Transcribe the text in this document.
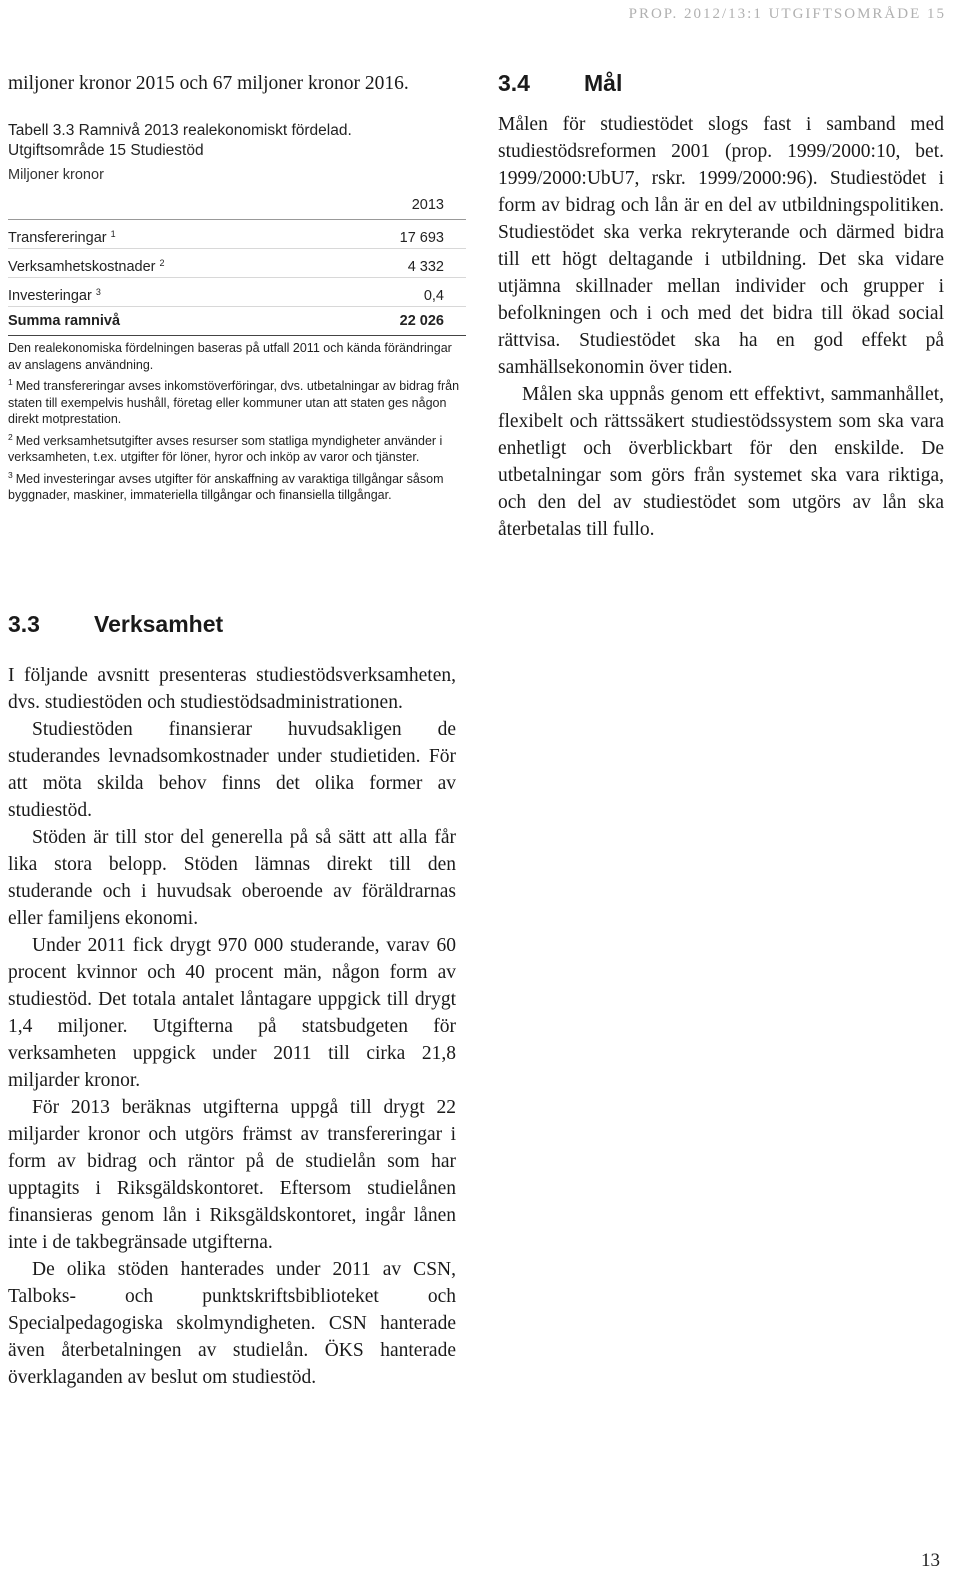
PROP. 2012/13:1 UTGIFTSOMRÅDE 15

miljoner kronor 2015 och 67 miljoner kronor 2016.

Tabell 3.3 Ramnivå 2013 realekonomiskt fördelad.
Utgiftsområde 15 Studiestöd
Miljoner kronor
2013
Transfereringar $^1$	17 693
Verksamhetskostnader $^2$	4 332
Investeringar $^3$	0,4
Summa ramnivå	22 026

Den realekonomiska fördelningen baseras på utfall 2011 och kända förändringar av anslagens användning.

$^1$ Med transfereringar avses inkomstöverföringar, dvs. utbetalningar av bidrag från staten till exempelvis hushåll, företag eller kommuner utan att staten ges någon direkt motprestation.

$^2$ Med verksamhetsutgifter avses resurser som statliga myndigheter använder i verksamheten, t.ex. utgifter för löner, hyror och inköp av varor och tjänster.

$^3$ Med investeringar avses utgifter för anskaffning av varaktiga tillgångar såsom byggnader, maskiner, immateriella tillgångar och finansiella tillgångar.

3.3	Verksamhet

I följande avsnitt presenteras studiestödsverksamheten, dvs. studiestöden och studiestödsadministrationen.

Studiestöden finansierar huvudsakligen de studerandes levnadsomkostnader under studietiden. För att möta skilda behov finns det olika former av studiestöd.

Stöden är till stor del generella på så sätt att alla får lika stora belopp. Stöden lämnas direkt till den studerande och i huvudsak oberoende av föräldrarnas eller familjens ekonomi.

Under 2011 fick drygt 970 000 studerande, varav 60 procent kvinnor och 40 procent män, någon form av studiestöd. Det totala antalet låntagare uppgick till drygt 1,4 miljoner. Utgifterna på statsbudgeten för verksamheten uppgick under 2011 till cirka 21,8 miljarder kronor.

För 2013 beräknas utgifterna uppgå till drygt 22 miljarder kronor och utgörs främst av transfereringar i form av bidrag och räntor på de studielån som har upptagits i Riksgäldskontoret. Eftersom studielånen finansieras genom lån i Riksgäldskontoret, ingår lånen inte i de takbegränsade utgifterna.

De olika stöden hanterades under 2011 av CSN, Talboks- och punktskriftsbiblioteket och Specialpedagogiska skolmyndigheten. CSN hanterade även återbetalningen av studielån. ÖKS hanterade överklaganden av beslut om studiestöd.

3.4	Mål

Målen för studiestödet slogs fast i samband med studiestödsreformen 2001 (prop. 1999/2000:10, bet. 1999/2000:UbU7, rskr. 1999/2000:96). Studiestödet i form av bidrag och lån är en del av utbildningspolitiken. Studiestödet ska verka rekryterande och därmed bidra till ett högt deltagande i utbildning. Det ska vidare utjämna skillnader mellan individer och grupper i befolkningen och i och med det bidra till ökad social rättvisa. Studiestödet ska ha en god effekt på samhällsekonomin över tiden.

Målen ska uppnås genom ett effektivt, sammanhållet, flexibelt och rättssäkert studiestödssystem som ska vara enhetligt och överblickbart för den enskilde. De utbetalningar som görs från systemet ska vara riktiga, och den del av studiestödet som utgörs av lån ska återbetalas till fullo.

13
